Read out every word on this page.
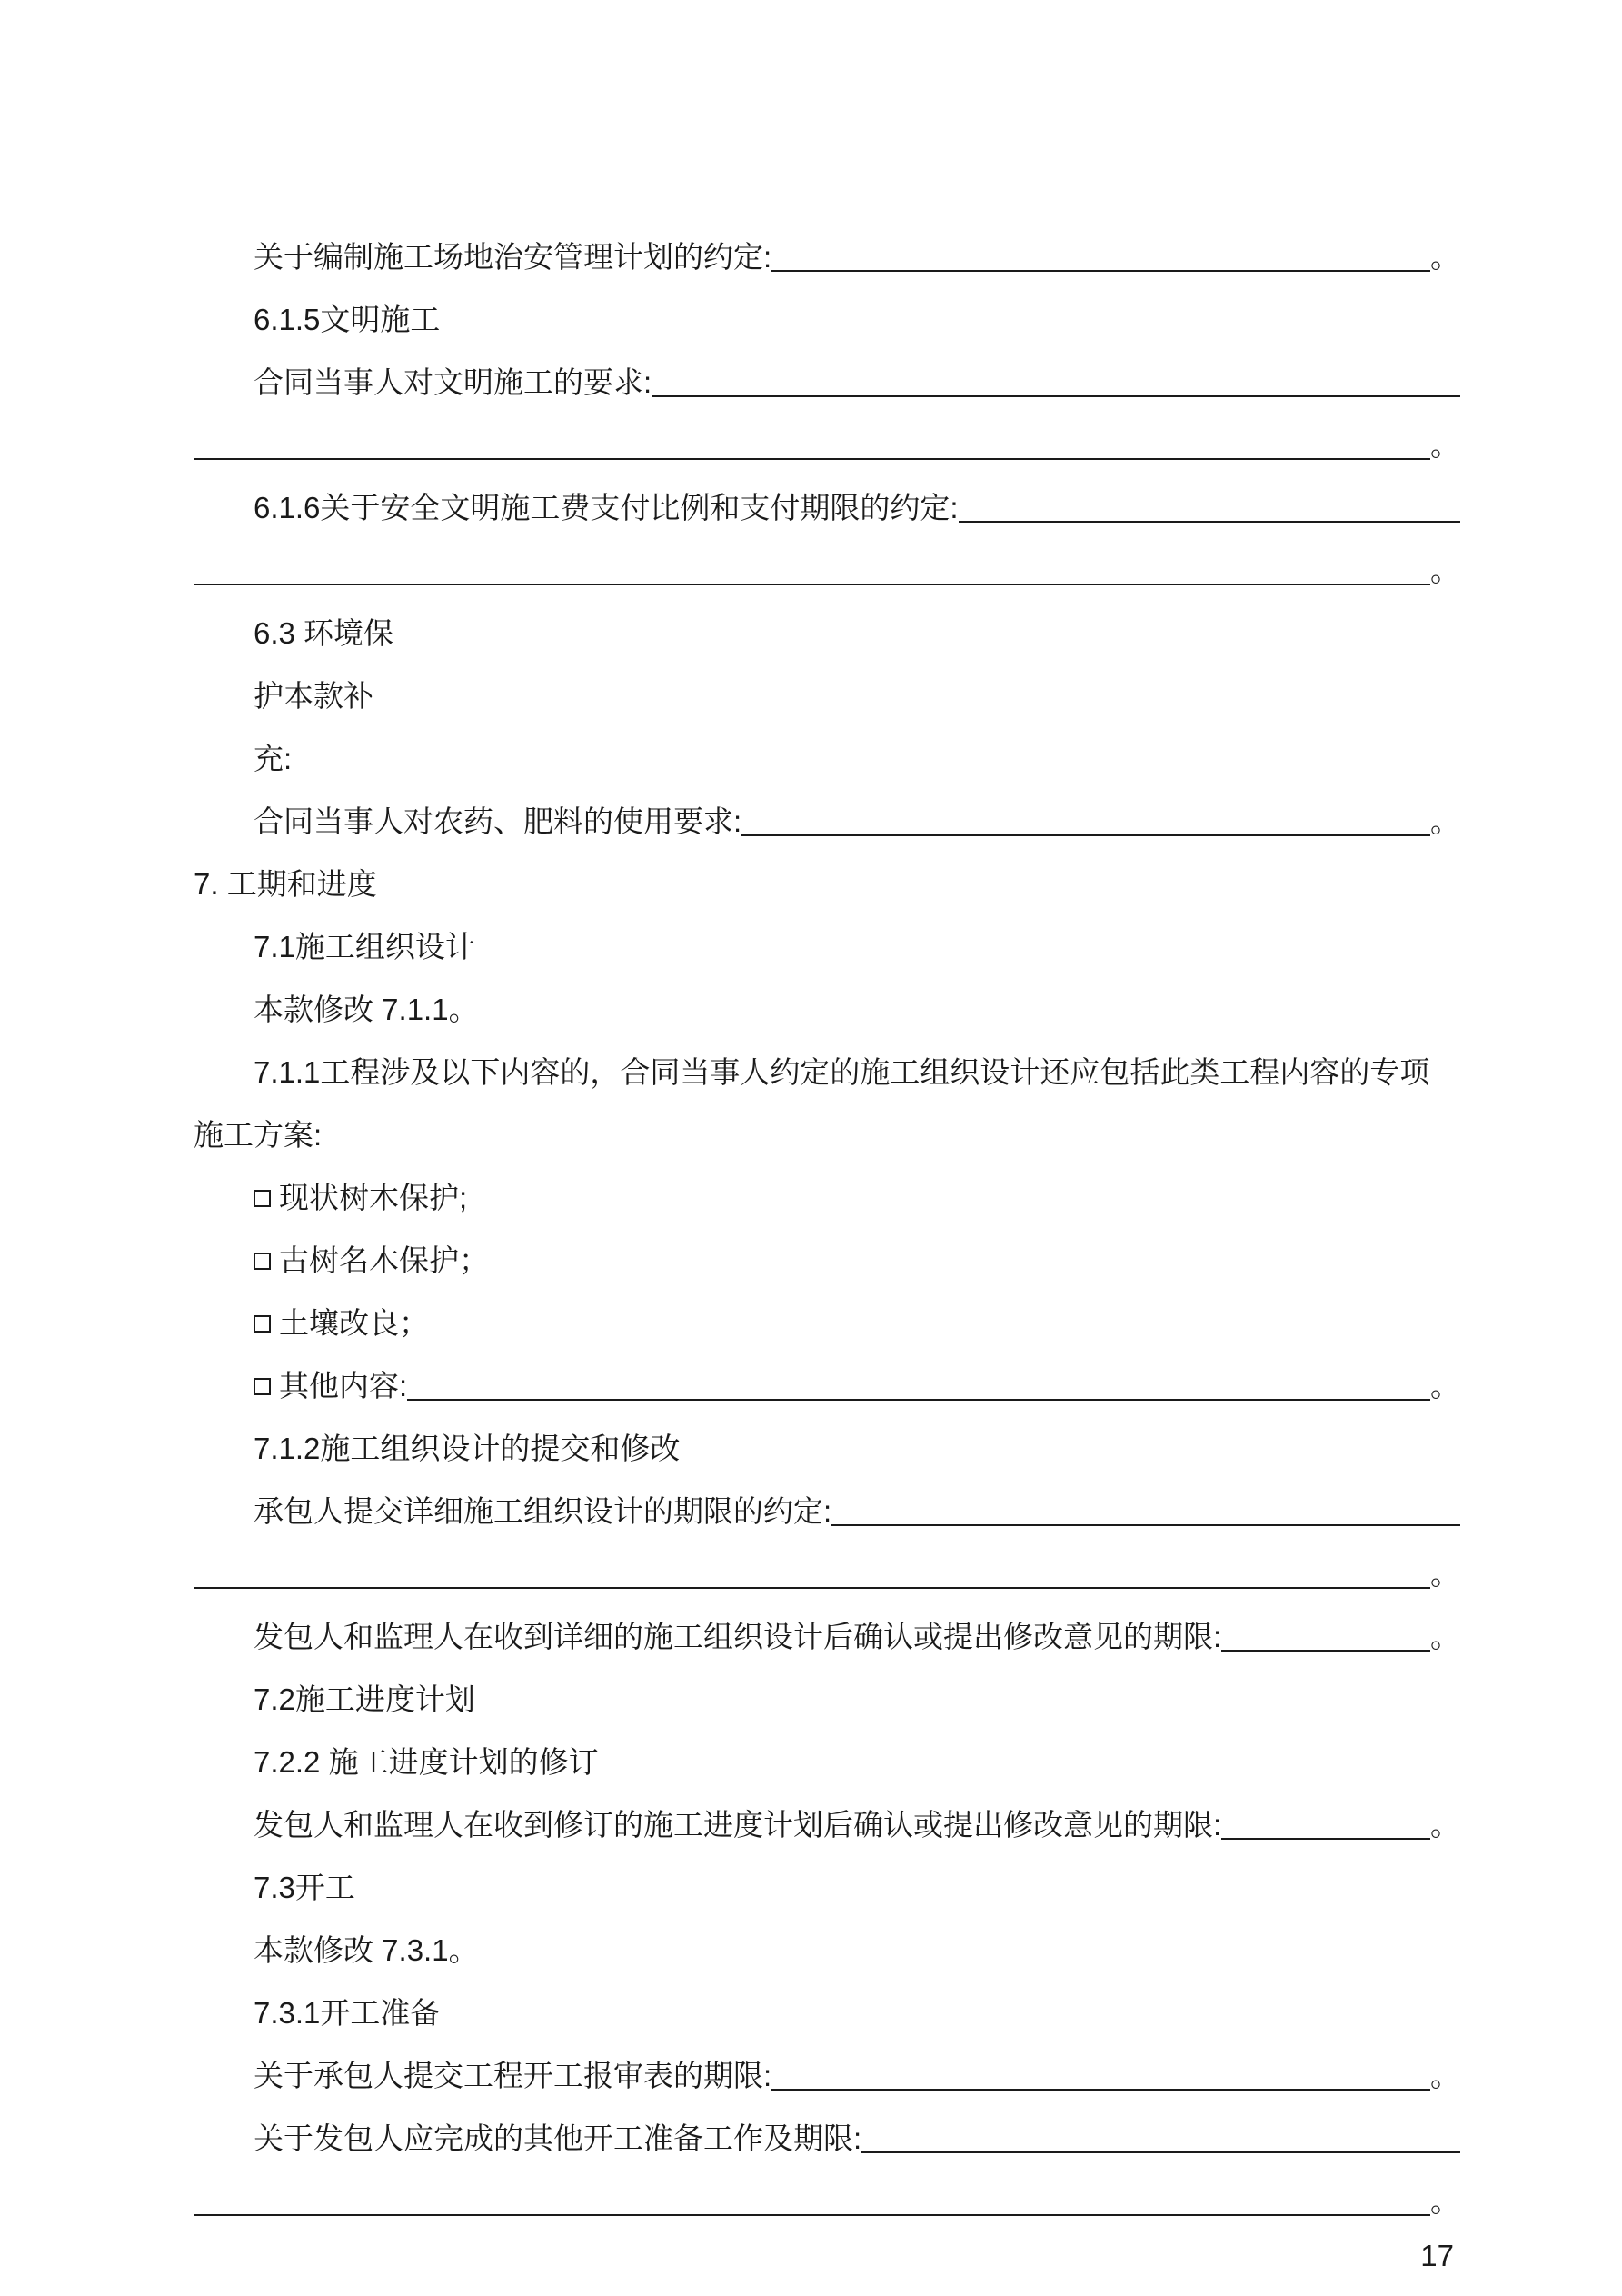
关于编制施工场地治安管理计划的约定:	。
6.1.5文明施工
合同当事人对文明施工的要求:
。
6.1.6关于安全文明施工费支付比例和支付期限的约定:
。
6.3 环境保
护本款补
充:
合同当事人对农药、肥料的使用要求:	。
7. 工期和进度
7.1施工组织设计
本款修改 7.1.1。
7.1.1工程涉及以下内容的，合同当事人约定的施工组织设计还应包括此类工程内容的专项
施工方案:
现状树木保护;
古树名木保护；
土壤改良；
其他内容:	。
7.1.2施工组织设计的提交和修改
承包人提交详细施工组织设计的期限的约定:
。
发包人和监理人在收到详细的施工组织设计后确认或提出修改意见的期限:	。
7.2施工进度计划
7.2.2 施工进度计划的修订
发包人和监理人在收到修订的施工进度计划后确认或提出修改意见的期限:	。
7.3开工
本款修改 7.3.1。
7.3.1开工准备
关于承包人提交工程开工报审表的期限:	。
关于发包人应完成的其他开工准备工作及期限:
。
17
